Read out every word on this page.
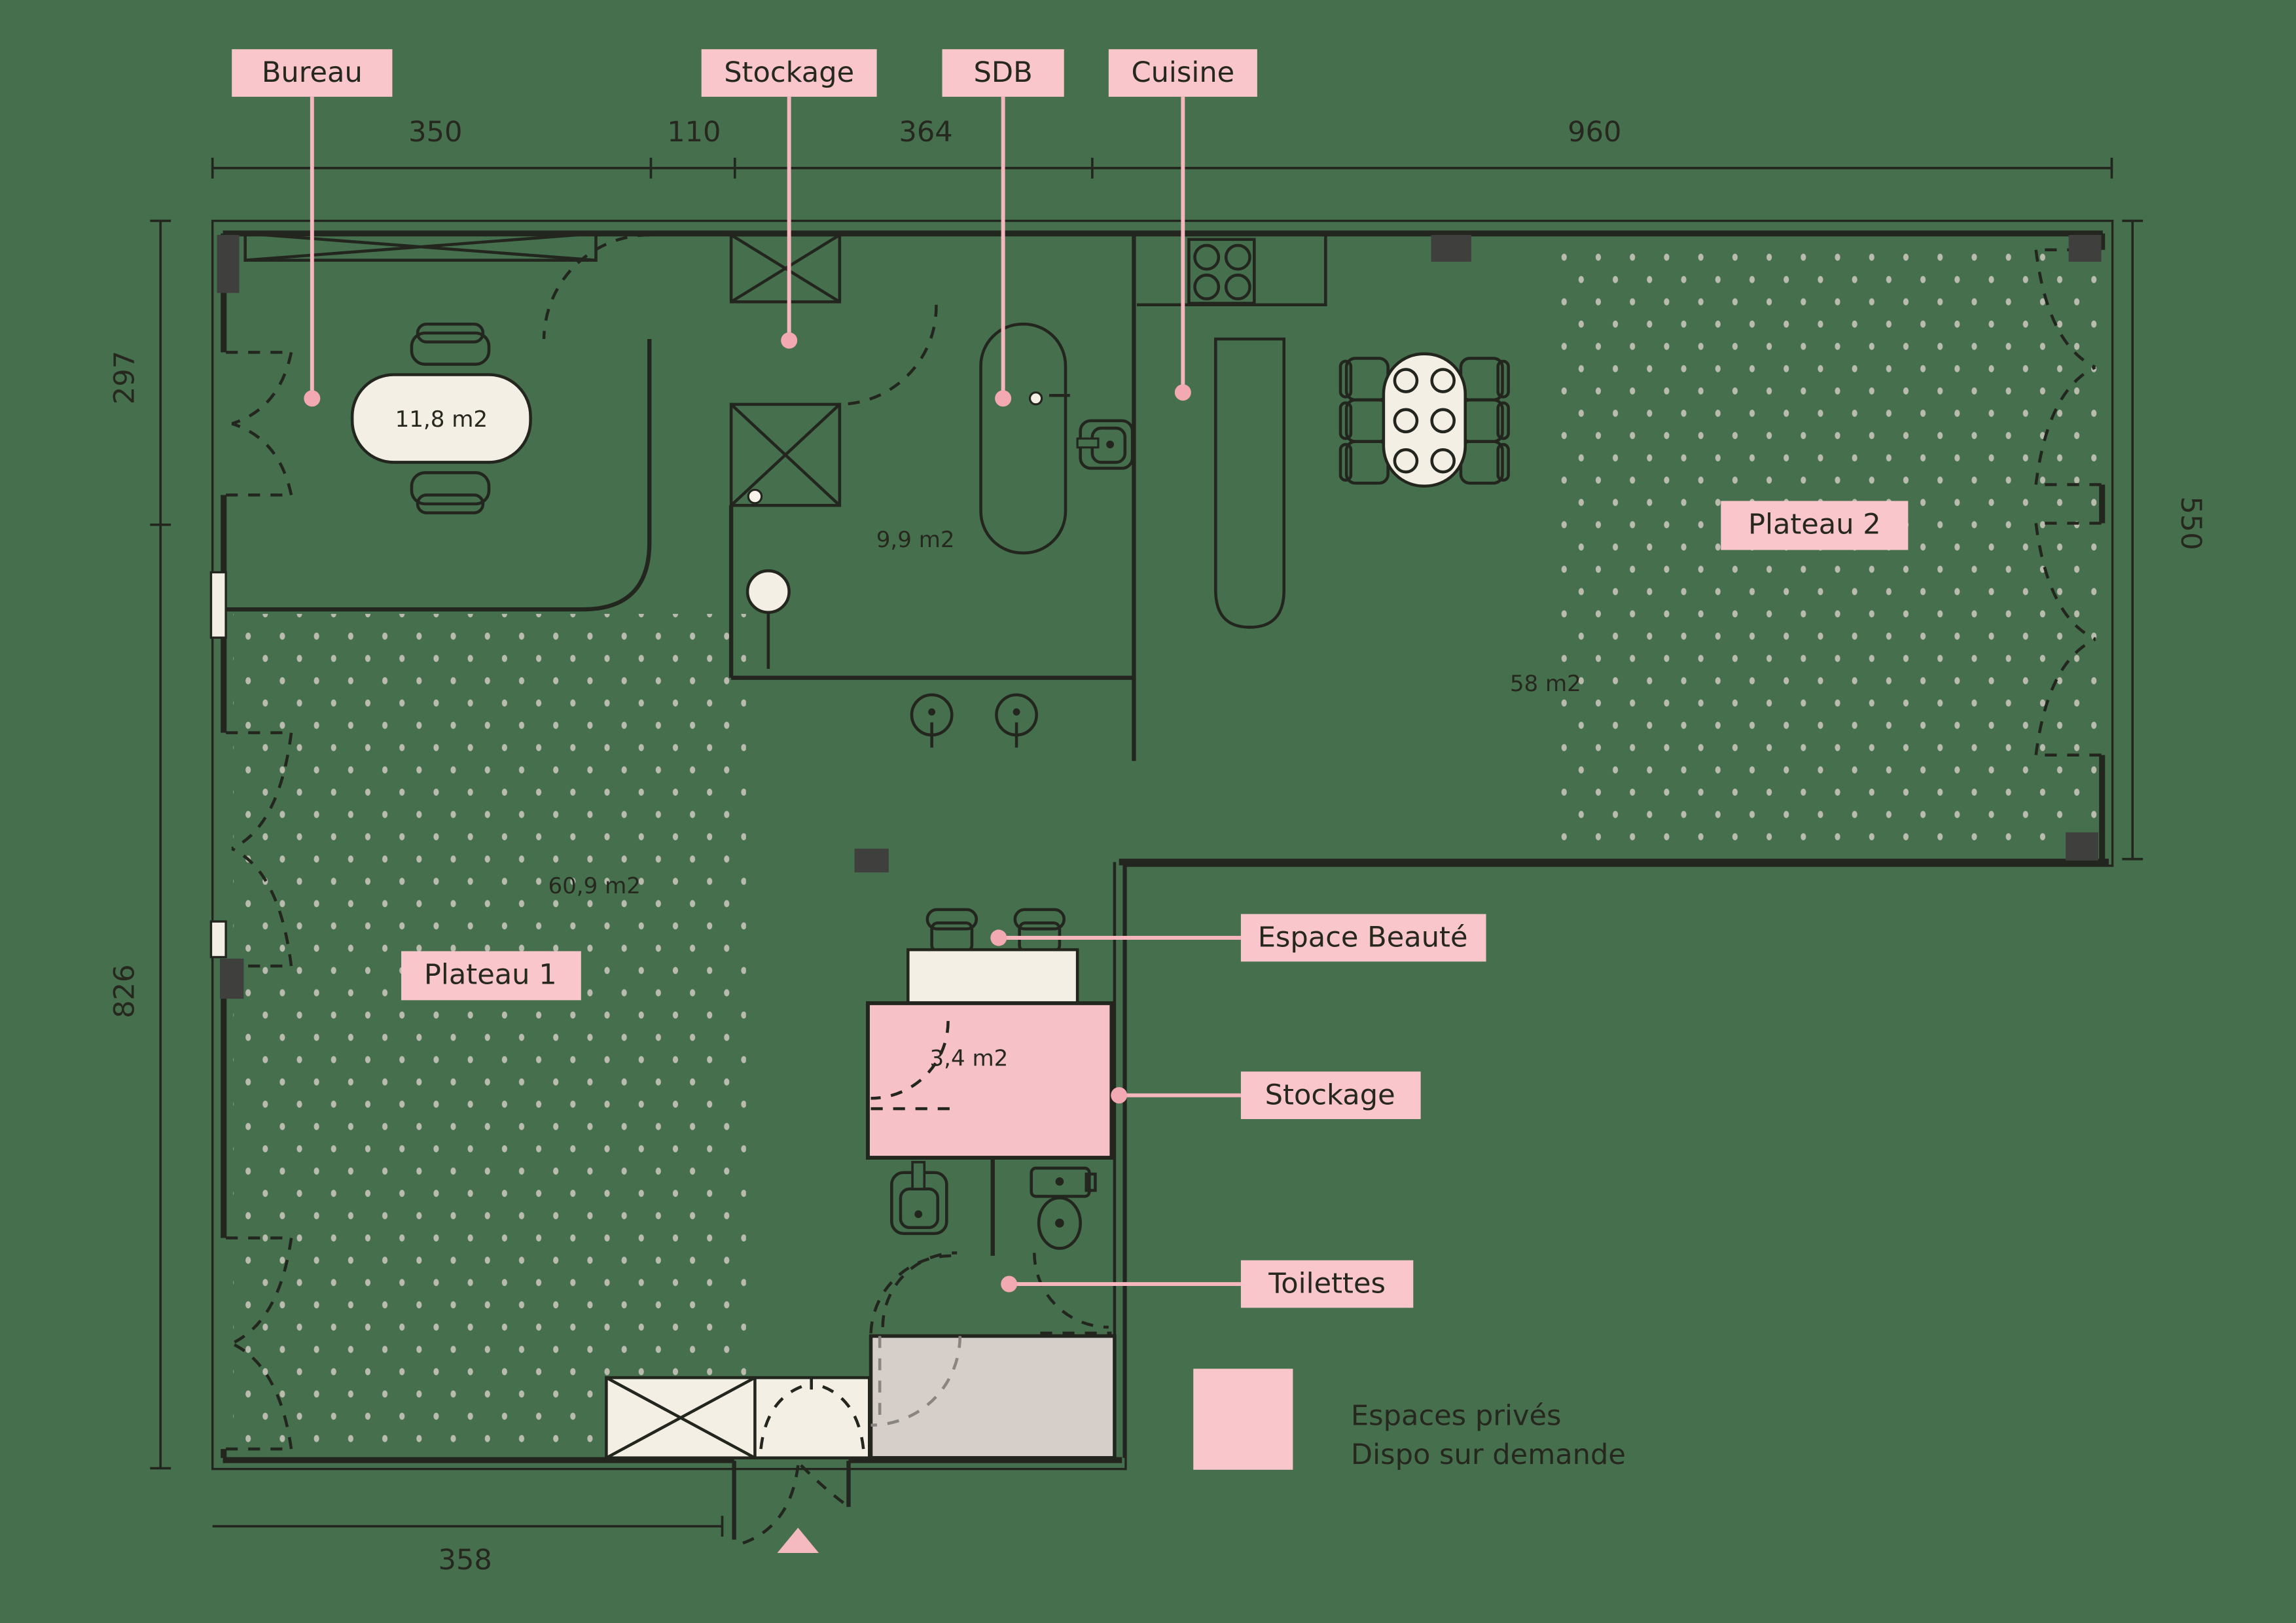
11,8 m2
9,9 m2
3,4 m2
350	110	364	960
297
826
550
358
Bureau	Stockage	SDB	Cuisine
Plateau 2
Plateau 1
Espace Beauté
Stockage
Toilettes
58 m2
60,9 m2
Espaces privés
Dispo sur demande
